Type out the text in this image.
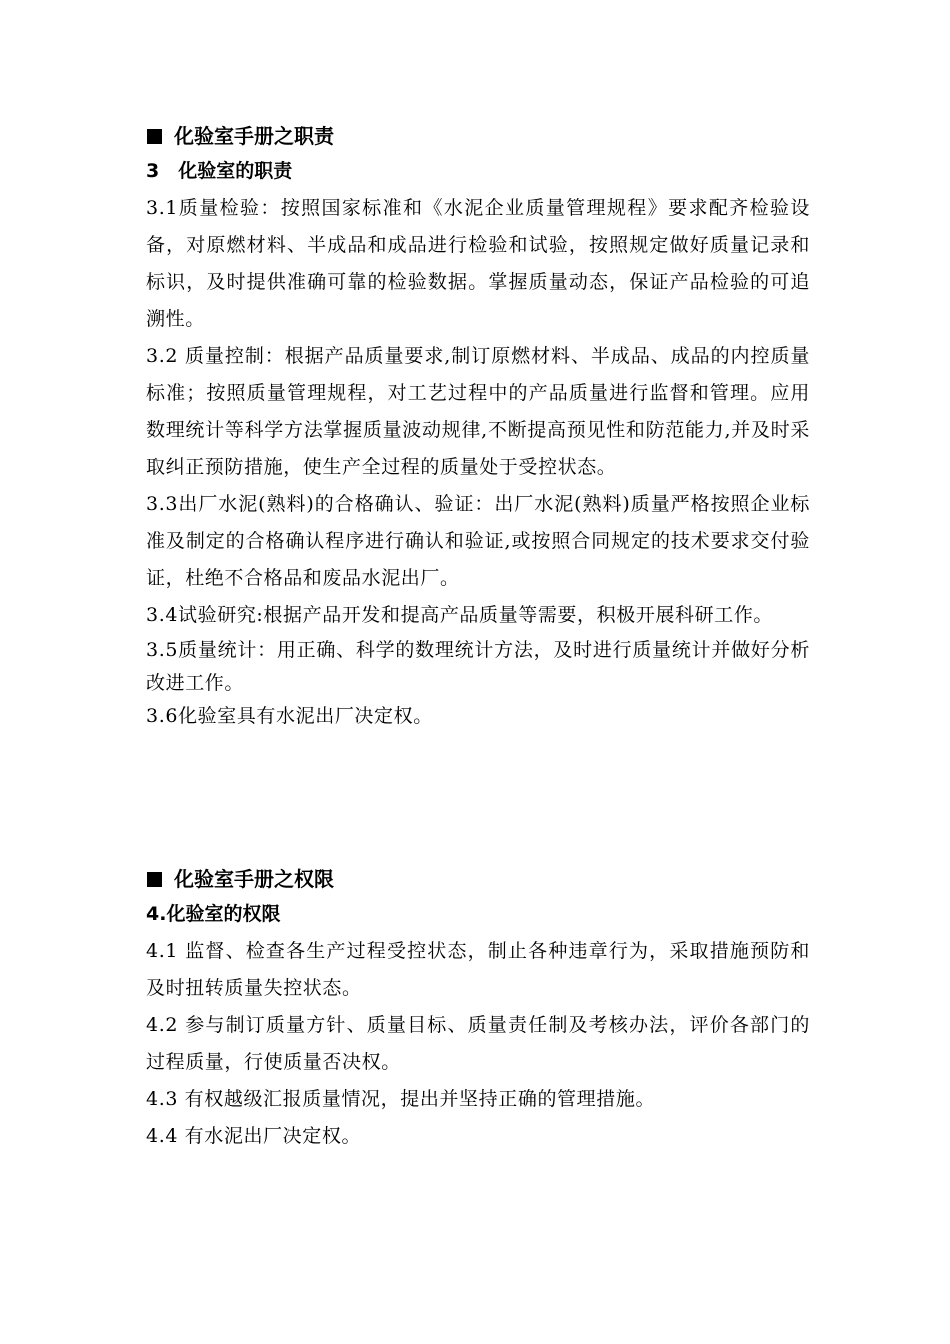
化验室手册之职责
3　化验室的职责

3.1质量检验：按照国家标准和《水泥企业质量管理规程》要求配齐检验设备，对原燃材料、半成品和成品进行检验和试验，按照规定做好质量记录和标识，及时提供准确可靠的检验数据。掌握质量动态，保证产品检验的可追溯性。

3.2 质量控制：根据产品质量要求,制订原燃材料、半成品、成品的内控质量标准；按照质量管理规程，对工艺过程中的产品质量进行监督和管理。应用数理统计等科学方法掌握质量波动规律,不断提高预见性和防范能力,并及时采取纠正预防措施，使生产全过程的质量处于受控状态。

3.3出厂水泥(熟料)的合格确认、验证：出厂水泥(熟料)质量严格按照企业标准及制定的合格确认程序进行确认和验证,或按照合同规定的技术要求交付验证，杜绝不合格品和废品水泥出厂。

3.4试验研究:根据产品开发和提高产品质量等需要，积极开展科研工作。

3.5质量统计：用正确、科学的数理统计方法，及时进行质量统计并做好分析改进工作。

3.6化验室具有水泥出厂决定权。

化验室手册之权限
4.化验室的权限

4.1 监督、检查各生产过程受控状态，制止各种违章行为，采取措施预防和及时扭转质量失控状态。

4.2 参与制订质量方针、质量目标、质量责任制及考核办法，评价各部门的过程质量，行使质量否决权。

4.3 有权越级汇报质量情况，提出并坚持正确的管理措施。

4.4 有水泥出厂决定权。
